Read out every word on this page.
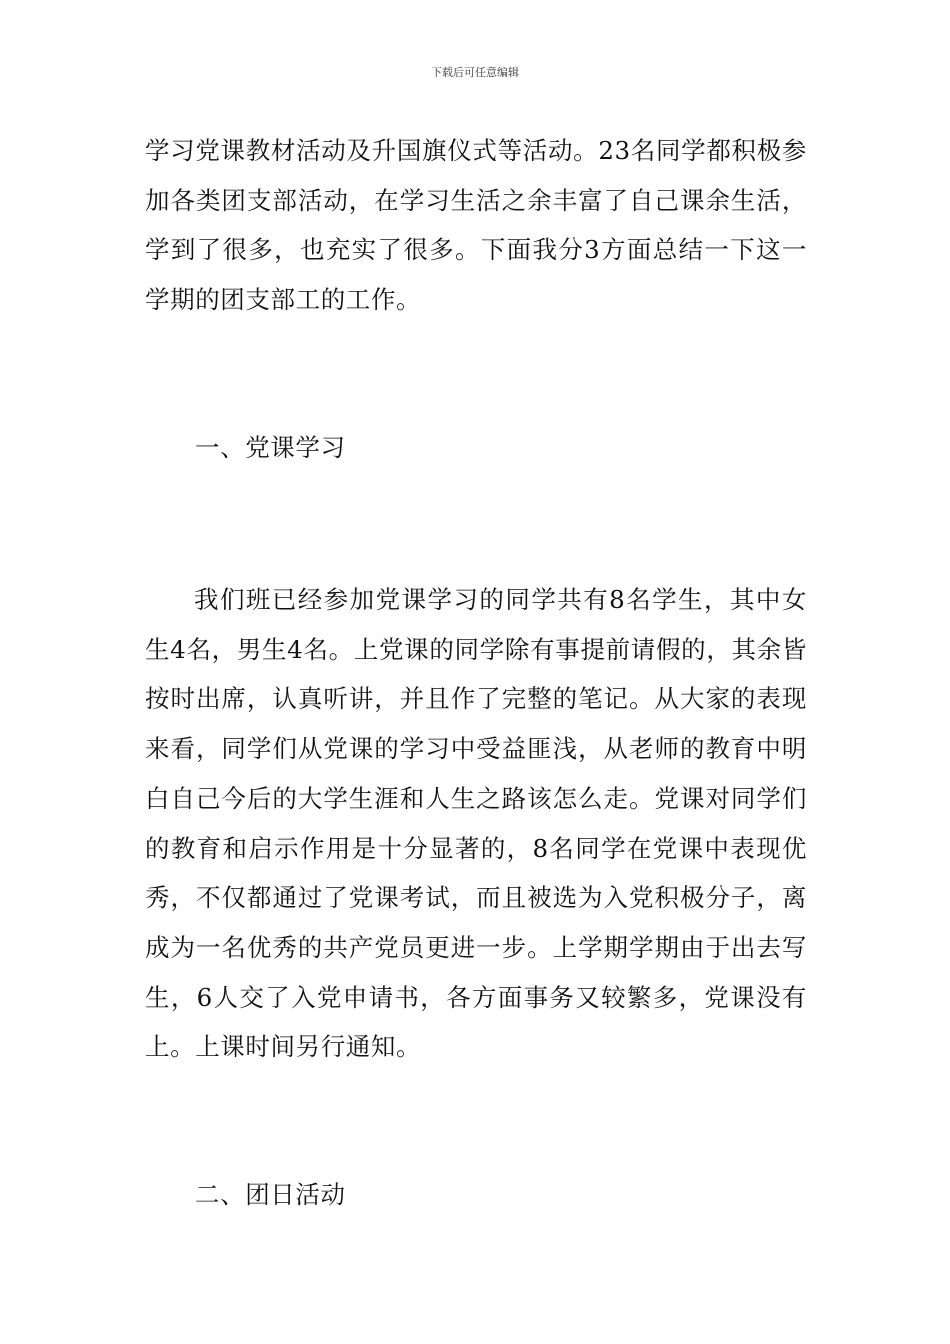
下载后可任意编辑

学习党课教材活动及升国旗仪式等活动。23名同学都积极参加各类团支部活动，在学习生活之余丰富了自己课余生活，学到了很多，也充实了很多。下面我分3方面总结一下这一学期的团支部工的工作。

一、党课学习

我们班已经参加党课学习的同学共有8名学生，其中女生4名，男生4名。上党课的同学除有事提前请假的，其余皆按时出席，认真听讲，并且作了完整的笔记。从大家的表现来看，同学们从党课的学习中受益匪浅，从老师的教育中明白自己今后的大学生涯和人生之路该怎么走。党课对同学们的教育和启示作用是十分显著的，8名同学在党课中表现优秀，不仅都通过了党课考试，而且被选为入党积极分子，离成为一名优秀的共产党员更进一步。上学期学期由于出去写生，6人交了入党申请书，各方面事务又较繁多，党课没有上。上课时间另行通知。

二、团日活动
